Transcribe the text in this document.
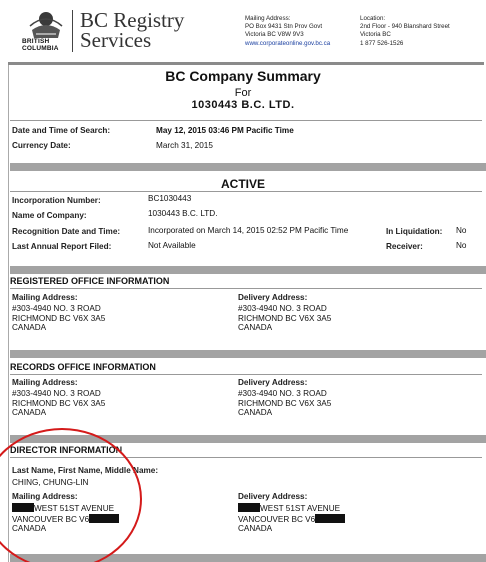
BRITISH
COLUMBIA
BC Registry
Services
Mailing Address:
PO Box 9431 Stn Prov Govt
Victoria BC V8W 9V3
www.corporateonline.gov.bc.ca
Location:
2nd Floor - 940 Blanshard Street
Victoria BC
1 877 526-1526
BC Company Summary
For
1030443 B.C. LTD.
Date and Time of Search:	May 12, 2015 03:46 PM Pacific Time
Currency Date:	March 31, 2015
ACTIVE
Incorporation Number:	BC1030443
Name of Company:	1030443 B.C. LTD.
Recognition Date and Time:	Incorporated on March 14, 2015 02:52 PM Pacific Time	In Liquidation: No
Last Annual Report Filed:	Not Available	Receiver:	No
REGISTERED OFFICE INFORMATION
Mailing Address:
#303-4940 NO. 3 ROAD
RICHMOND BC V6X 3A5
CANADA
Delivery Address:
#303-4940 NO. 3 ROAD
RICHMOND BC V6X 3A5
CANADA
RECORDS OFFICE INFORMATION
Mailing Address:
#303-4940 NO. 3 ROAD
RICHMOND BC V6X 3A5
CANADA
Delivery Address:
#303-4940 NO. 3 ROAD
RICHMOND BC V6X 3A5
CANADA
DIRECTOR INFORMATION
Last Name, First Name, Middle Name:
CHING, CHUNG-LIN
Mailing Address:
WEST 51ST AVENUE
VANCOUVER BC V6
CANADA
Delivery Address:
WEST 51ST AVENUE
VANCOUVER BC V6
CANADA
